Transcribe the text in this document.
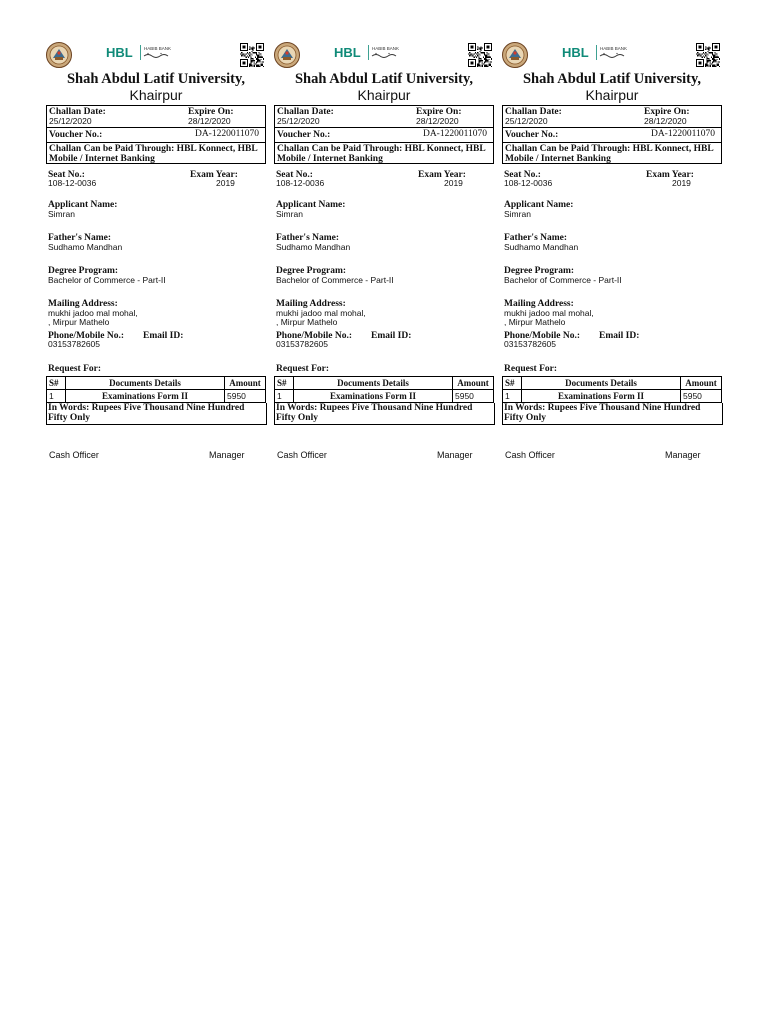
HBL	HABIB BANK
Shah Abdul Latif University,
Khairpur
Challan Date:
25/12/2020
Expire On:
28/12/2020
Voucher No.:	DA-1220011070
Challan Can be Paid Through: HBL Konnect, HBL Mobile / Internet Banking
Seat No.:
108-12-0036
Exam Year:
2019
Applicant Name:
Simran
Father's Name:
Sudhamo Mandhan
Degree Program:
Bachelor of Commerce - Part-II
Mailing Address:
mukhi jadoo mal mohal,
, Mirpur Mathelo
Phone/Mobile No.: Email ID:
03153782605
Request For:
S#	Documents Details	Amount
1	Examinations Form II	5950
In Words: Rupees Five Thousand Nine Hundred Fifty Only
Cash Officer	Manager
HBL	HABIB BANK
Shah Abdul Latif University,
Khairpur
Challan Date:
25/12/2020
Expire On:
28/12/2020
Voucher No.:	DA-1220011070
Challan Can be Paid Through: HBL Konnect, HBL Mobile / Internet Banking
Seat No.:
108-12-0036
Exam Year:
2019
Applicant Name:
Simran
Father's Name:
Sudhamo Mandhan
Degree Program:
Bachelor of Commerce - Part-II
Mailing Address:
mukhi jadoo mal mohal,
, Mirpur Mathelo
Phone/Mobile No.: Email ID:
03153782605
Request For:
S#	Documents Details	Amount
1	Examinations Form II	5950
In Words: Rupees Five Thousand Nine Hundred Fifty Only
Cash Officer	Manager
HBL	HABIB BANK
Shah Abdul Latif University,
Khairpur
Challan Date:
25/12/2020
Expire On:
28/12/2020
Voucher No.:	DA-1220011070
Challan Can be Paid Through: HBL Konnect, HBL Mobile / Internet Banking
Seat No.:
108-12-0036
Exam Year:
2019
Applicant Name:
Simran
Father's Name:
Sudhamo Mandhan
Degree Program:
Bachelor of Commerce - Part-II
Mailing Address:
mukhi jadoo mal mohal,
, Mirpur Mathelo
Phone/Mobile No.: Email ID:
03153782605
Request For:
S#	Documents Details	Amount
1	Examinations Form II	5950
In Words: Rupees Five Thousand Nine Hundred Fifty Only
Cash Officer	Manager
